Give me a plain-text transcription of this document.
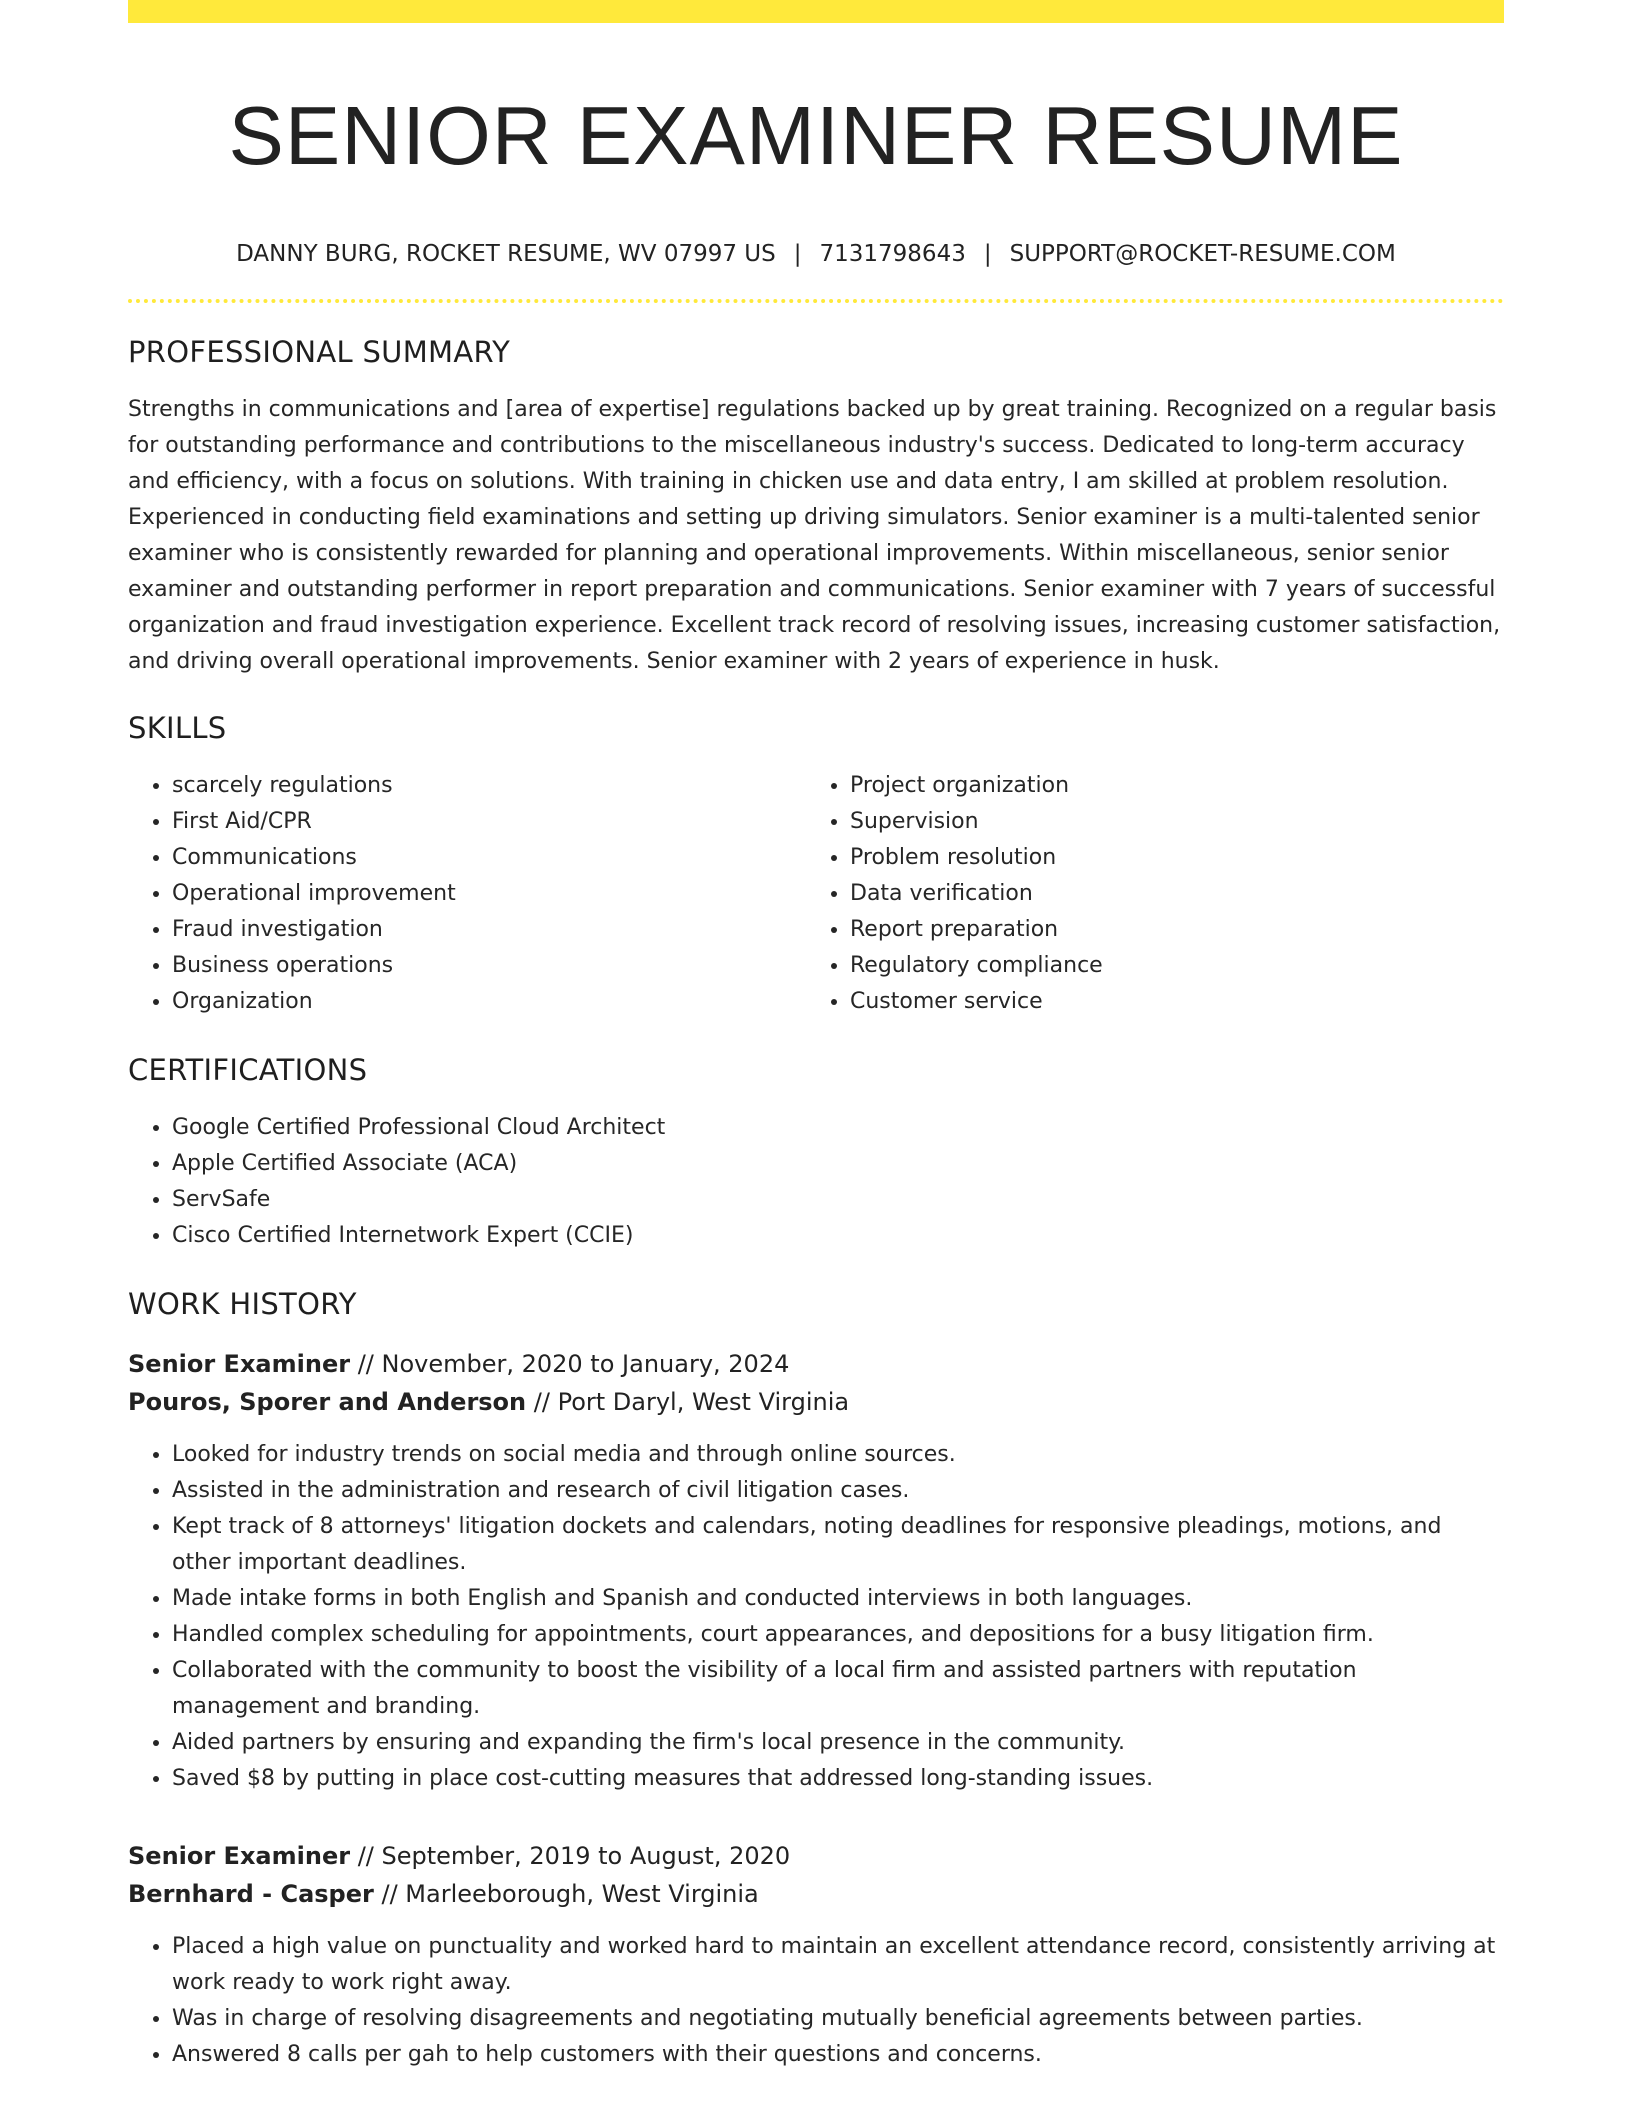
SENIOR EXAMINER RESUME
DANNY BURG, ROCKET RESUME, WV 07997 US | 7131798643 | SUPPORT@ROCKET-RESUME.COM
PROFESSIONAL SUMMARY

Strengths in communications and [area of expertise] regulations backed up by great training. Recognized on a regular basis for outstanding performance and contributions to the miscellaneous industry's success. Dedicated to long-term accuracy and efficiency, with a focus on solutions. With training in chicken use and data entry, I am skilled at problem resolution. Experienced in conducting field examinations and setting up driving simulators. Senior examiner is a multi-talented senior examiner who is consistently rewarded for planning and operational improvements. Within miscellaneous, senior senior examiner and outstanding performer in report preparation and communications. Senior examiner with 7 years of successful organization and fraud investigation experience. Excellent track record of resolving issues, increasing customer satisfaction, and driving overall operational improvements. Senior examiner with 2 years of experience in husk.

SKILLS
• scarcely regulations
• First Aid/CPR
• Communications
• Operational improvement
• Fraud investigation
• Business operations
• Organization
• Project organization
• Supervision
• Problem resolution
• Data verification
• Report preparation
• Regulatory compliance
• Customer service
CERTIFICATIONS
• Google Certified Professional Cloud Architect
• Apple Certified Associate (ACA)
• ServSafe
• Cisco Certified Internetwork Expert (CCIE)
WORK HISTORY
Senior Examiner // November, 2020 to January, 2024
Pouros, Sporer and Anderson // Port Daryl, West Virginia
• Looked for industry trends on social media and through online sources.
• Assisted in the administration and research of civil litigation cases.
• Kept track of 8 attorneys' litigation dockets and calendars, noting deadlines for responsive pleadings, motions, and other important deadlines.
• Made intake forms in both English and Spanish and conducted interviews in both languages.
• Handled complex scheduling for appointments, court appearances, and depositions for a busy litigation firm.
• Collaborated with the community to boost the visibility of a local firm and assisted partners with reputation management and branding.
• Aided partners by ensuring and expanding the firm's local presence in the community.
• Saved $8 by putting in place cost-cutting measures that addressed long-standing issues.
Senior Examiner // September, 2019 to August, 2020
Bernhard - Casper // Marleeborough, West Virginia
• Placed a high value on punctuality and worked hard to maintain an excellent attendance record, consistently arriving at work ready to work right away.
• Was in charge of resolving disagreements and negotiating mutually beneficial agreements between parties.
• Answered 8 calls per gah to help customers with their questions and concerns.
